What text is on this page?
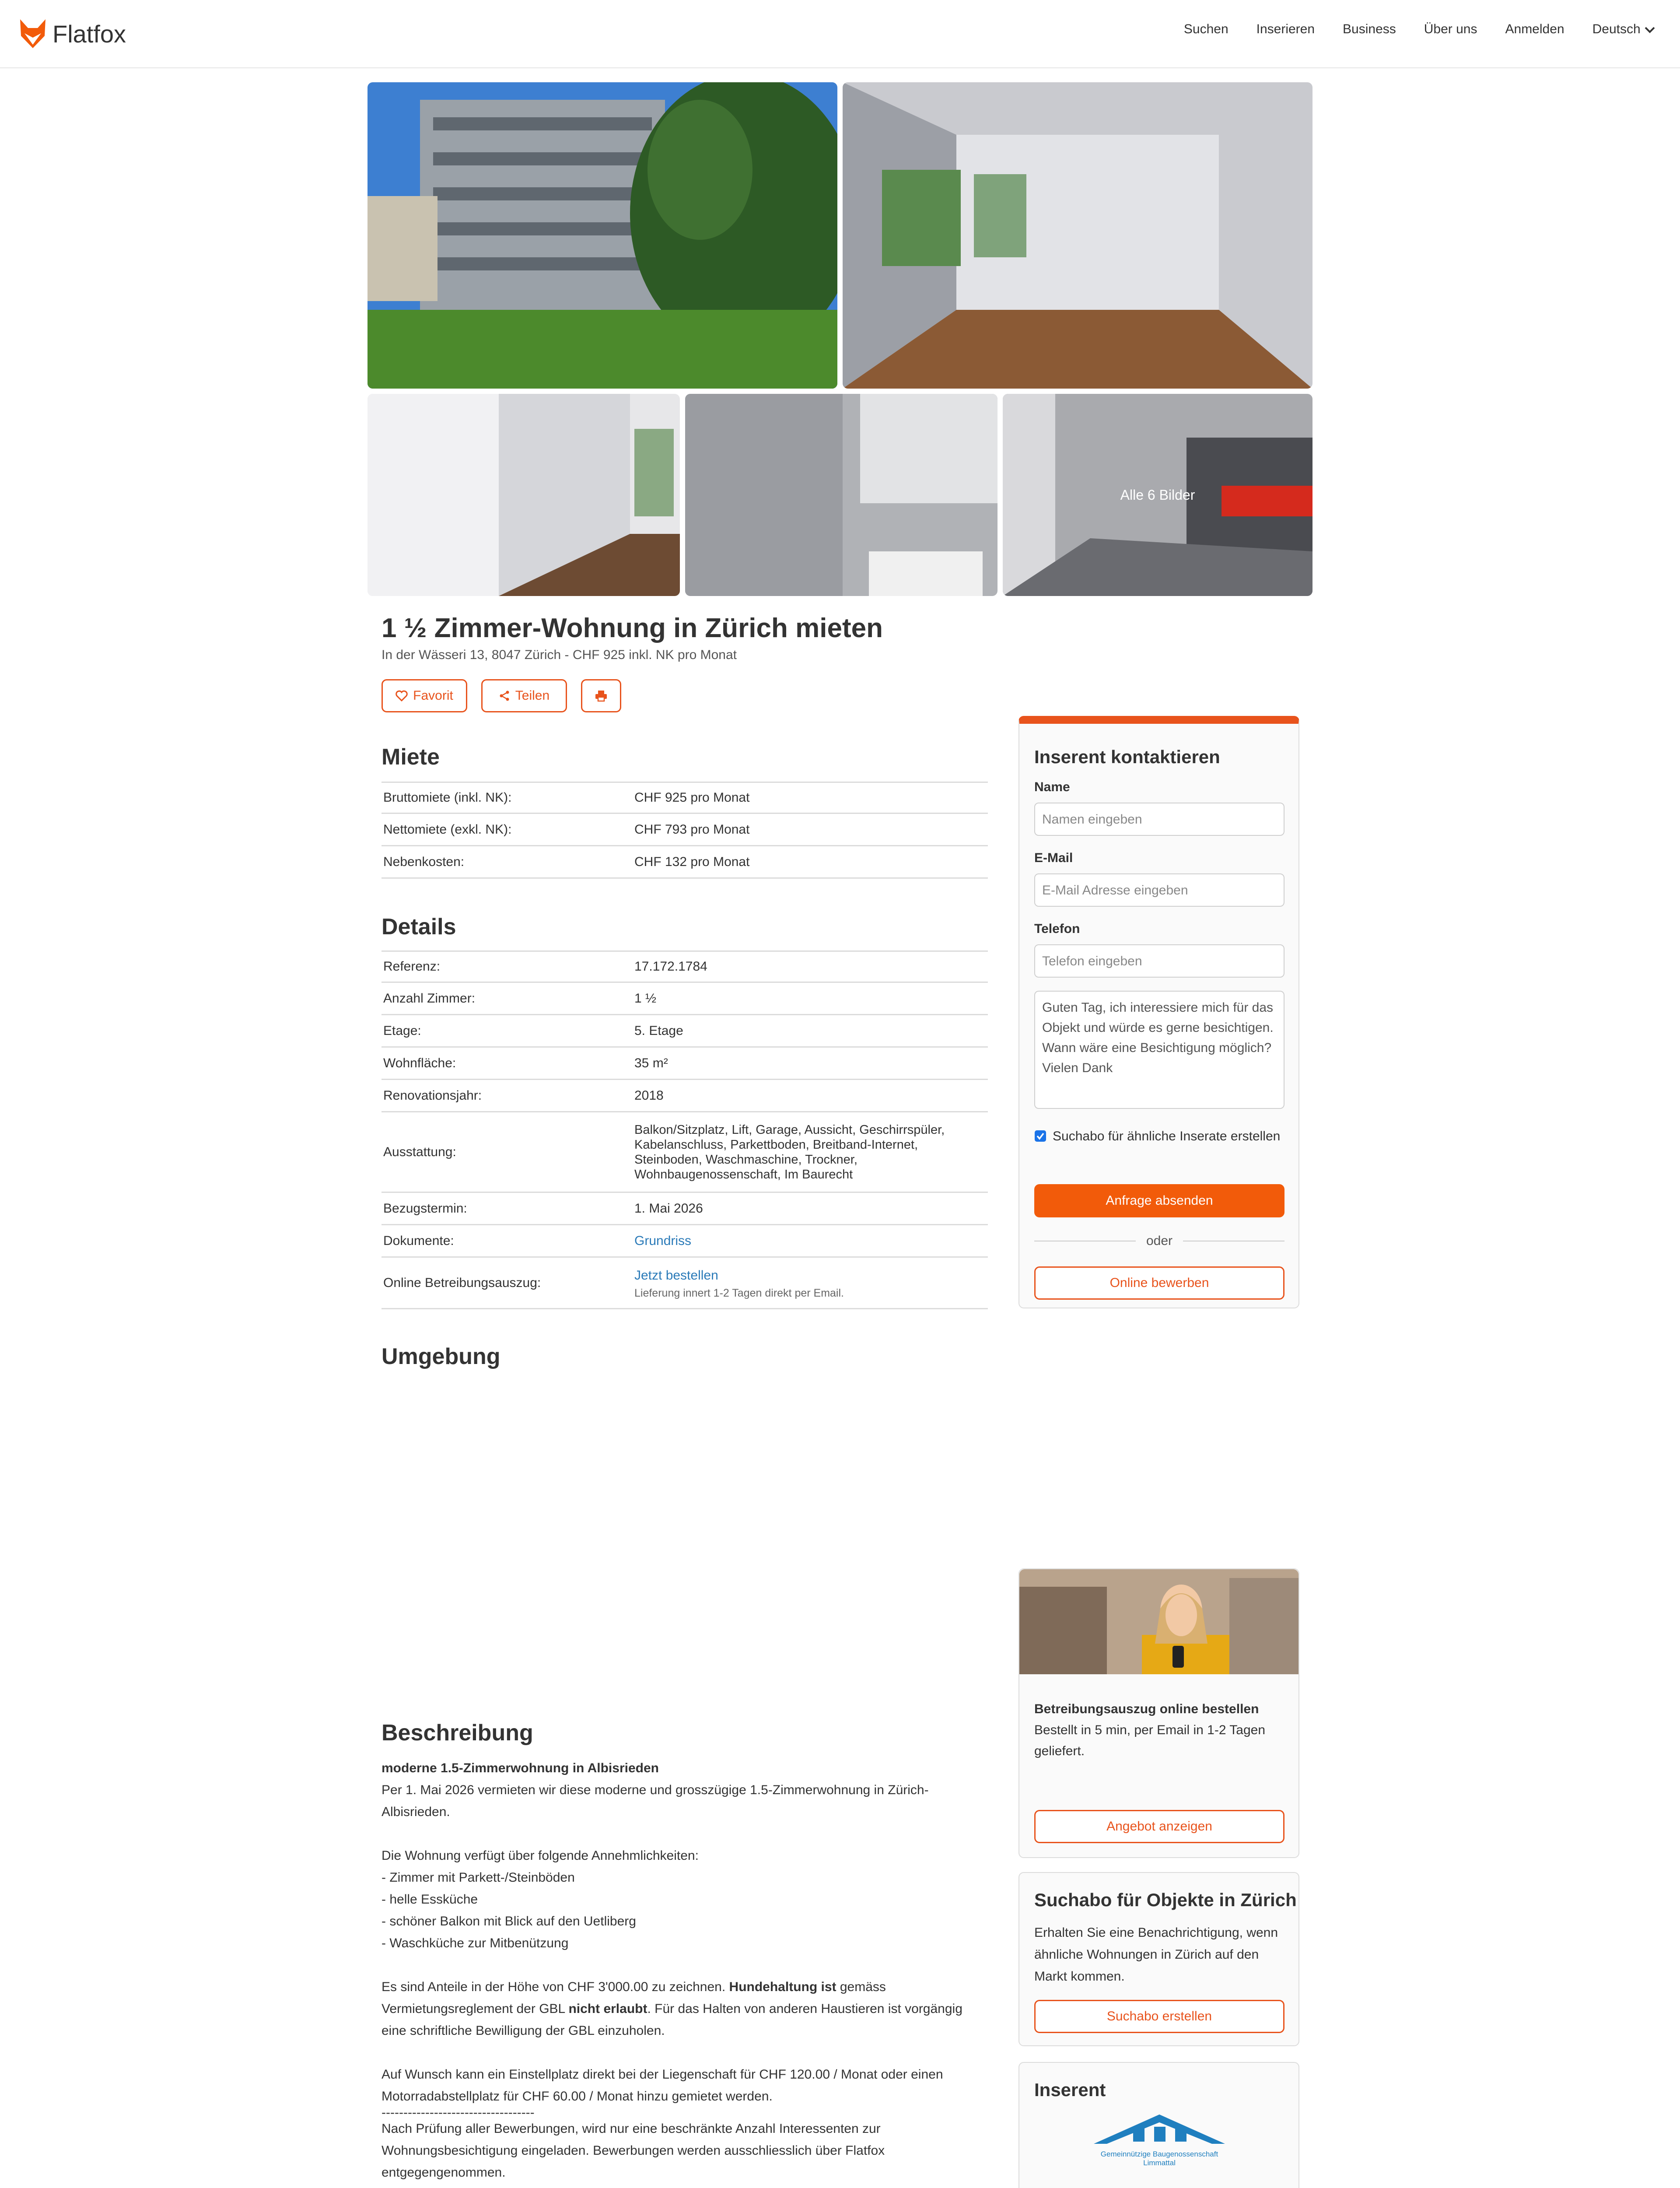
Flatfox	Suchen Inserieren Business Über uns Anmelden Deutsch
Alle 6 Bilder
1 ½ Zimmer-Wohnung in Zürich mieten
In der Wässeri 13, 8047 Zürich - CHF 925 inkl. NK pro Monat
Favorit	Teilen
Miete
Bruttomiete (inkl. NK):	CHF 925 pro Monat
Nettomiete (exkl. NK):	CHF 793 pro Monat
Nebenkosten:	CHF 132 pro Monat
Details
Referenz:	17.172.1784
Anzahl Zimmer:	1 ½
Etage:	5. Etage
Wohnfläche:	35 m²
Renovationsjahr:	2018
Ausstattung:
Balkon/Sitzplatz, Lift, Garage, Aussicht, Geschirrspüler, Kabelanschluss, Parkettboden, Breitband-Internet, Steinboden, Waschmaschine, Trockner, Wohnbaugenossenschaft, Im Baurecht
Bezugstermin:	1. Mai 2026
Dokumente:	Grundriss
Online Betreibungsauszug:
Jetzt bestellen
Lieferung innert 1-2 Tagen direkt per Email.
Umgebung
Inserent kontaktieren
Name
Namen eingeben
E-Mail
E-Mail Adresse eingeben
Telefon
Telefon eingeben
Guten Tag, ich interessiere mich für das Objekt und würde es gerne besichtigen. Wann wäre eine Besichtigung möglich? Vielen Dank
Suchabo für ähnliche Inserate erstellen
Anfrage absenden
oder
Online bewerben
Betreibungsauszug online bestellen
Bestellt in 5 min, per Email in 1-2 Tagen geliefert.
Angebot anzeigen
Suchabo für Objekte in Zürich
Erhalten Sie eine Benachrichtigung, wenn ähnliche Wohnungen in Zürich auf den Markt kommen.
Suchabo erstellen
Inserent
Gemeinnützige Baugenossenschaft Limmattal
Beschreibung

moderne 1.5-Zimmerwohnung in Albisrieden

Per 1. Mai 2026 vermieten wir diese moderne und grosszügige 1.5-Zimmerwohnung in Zürich-Albisrieden.

Die Wohnung verfügt über folgende Annehmlichkeiten:
- Zimmer mit Parkett-/Steinböden
- helle Essküche
- schöner Balkon mit Blick auf den Uetliberg
- Waschküche zur Mitbenützung

Es sind Anteile in der Höhe von CHF 3'000.00 zu zeichnen. Hundehaltung ist gemäss Vermietungsreglement der GBL nicht erlaubt. Für das Halten von anderen Haustieren ist vorgängig eine schriftliche Bewilligung der GBL einzuholen.

Auf Wunsch kann ein Einstellplatz direkt bei der Liegenschaft für CHF 120.00 / Monat oder einen Motorradabstellplatz für CHF 60.00 / Monat hinzu gemietet werden.

-----------------------------------

Nach Prüfung aller Bewerbungen, wird nur eine beschränkte Anzahl Interessenten zur Wohnungsbesichtigung eingeladen. Bewerbungen werden ausschliesslich über Flatfox entgegengenommen.
